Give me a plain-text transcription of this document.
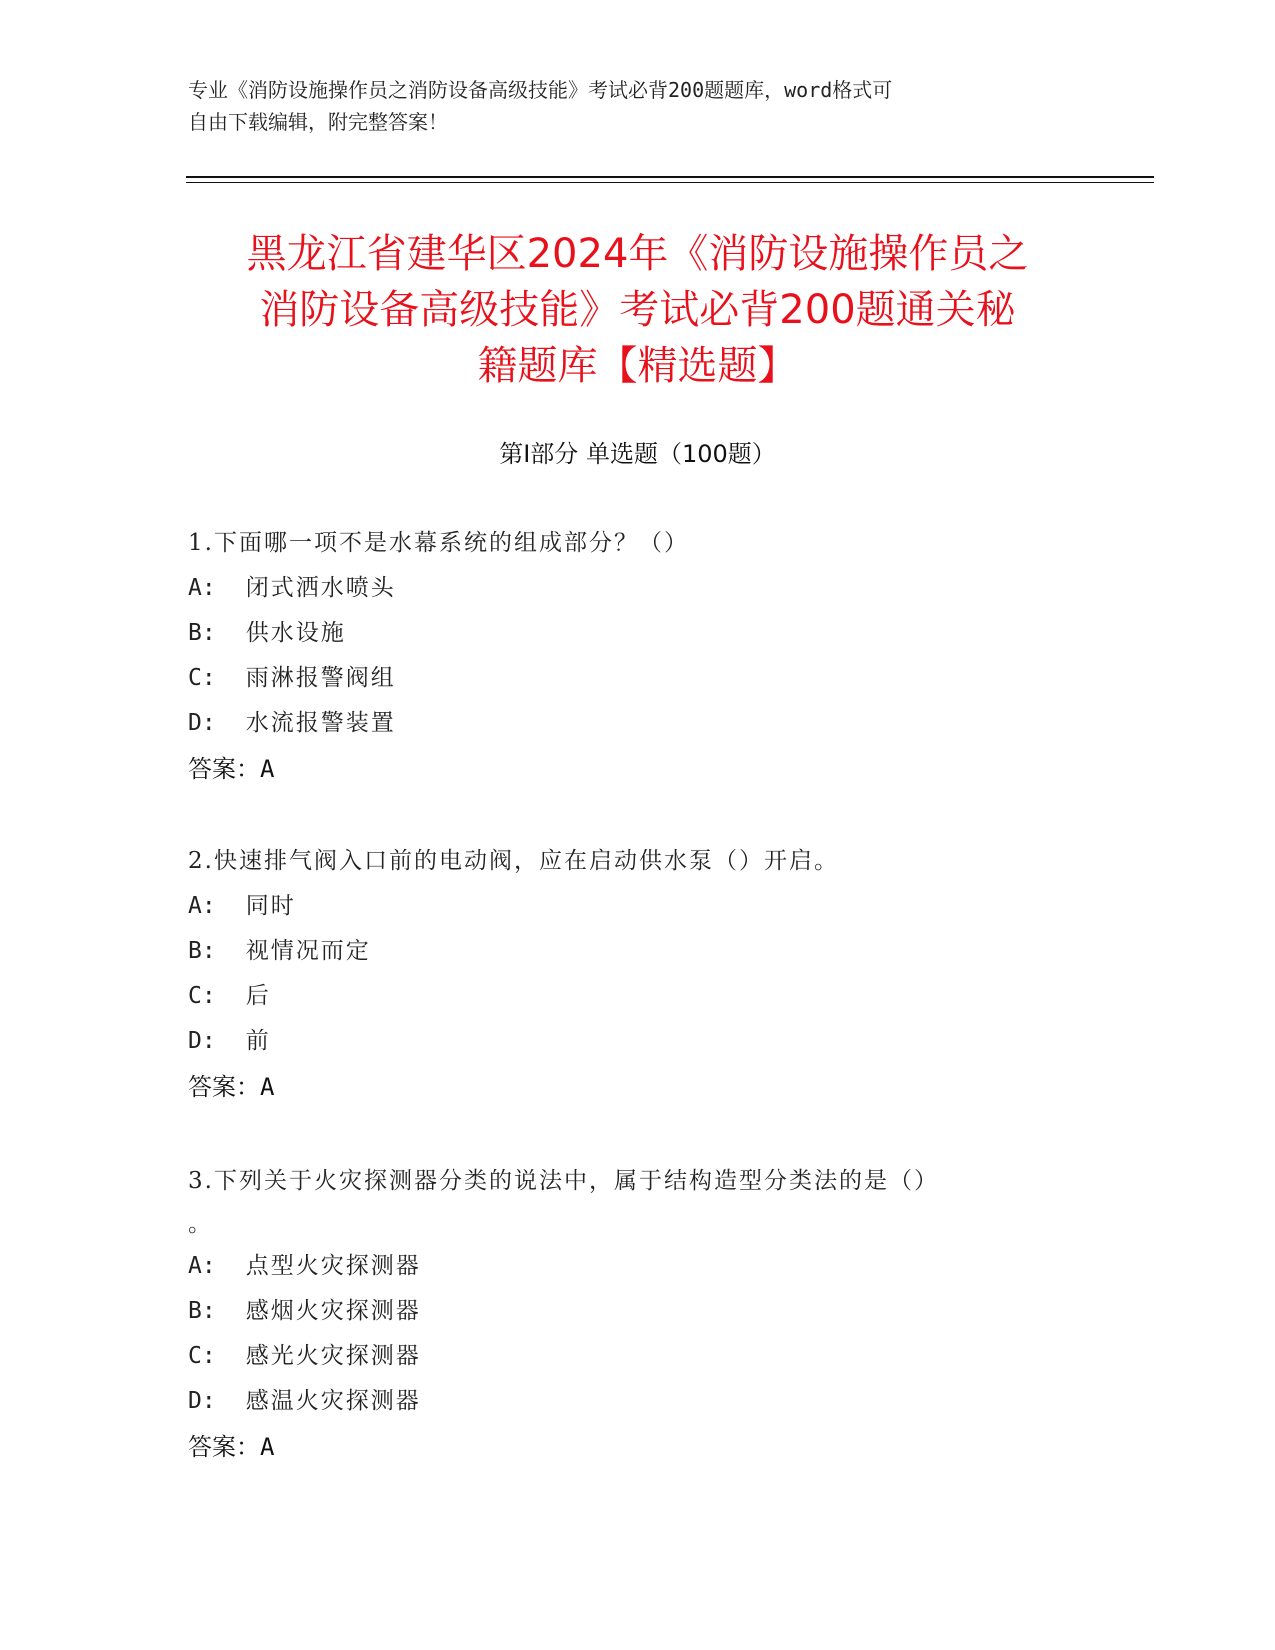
专业《消防设施操作员之消防设备高级技能》考试必背200题题库，word格式可
自由下载编辑，附完整答案！
黑龙江省建华区2024年《消防设施操作员之
消防设备高级技能》考试必背200题通关秘
籍题库【精选题】
第Ⅰ部分 单选题（100题）
1.下面哪一项不是水幕系统的组成部分？（）
A: 闭式洒水喷头
B: 供水设施
C: 雨淋报警阀组
D: 水流报警装置
答案：A
2.快速排气阀入口前的电动阀，应在启动供水泵（）开启。
A: 同时
B: 视情况而定
C: 后
D: 前
答案：A
3.下列关于火灾探测器分类的说法中，属于结构造型分类法的是（）
。
A: 点型火灾探测器
B: 感烟火灾探测器
C: 感光火灾探测器
D: 感温火灾探测器
答案：A
